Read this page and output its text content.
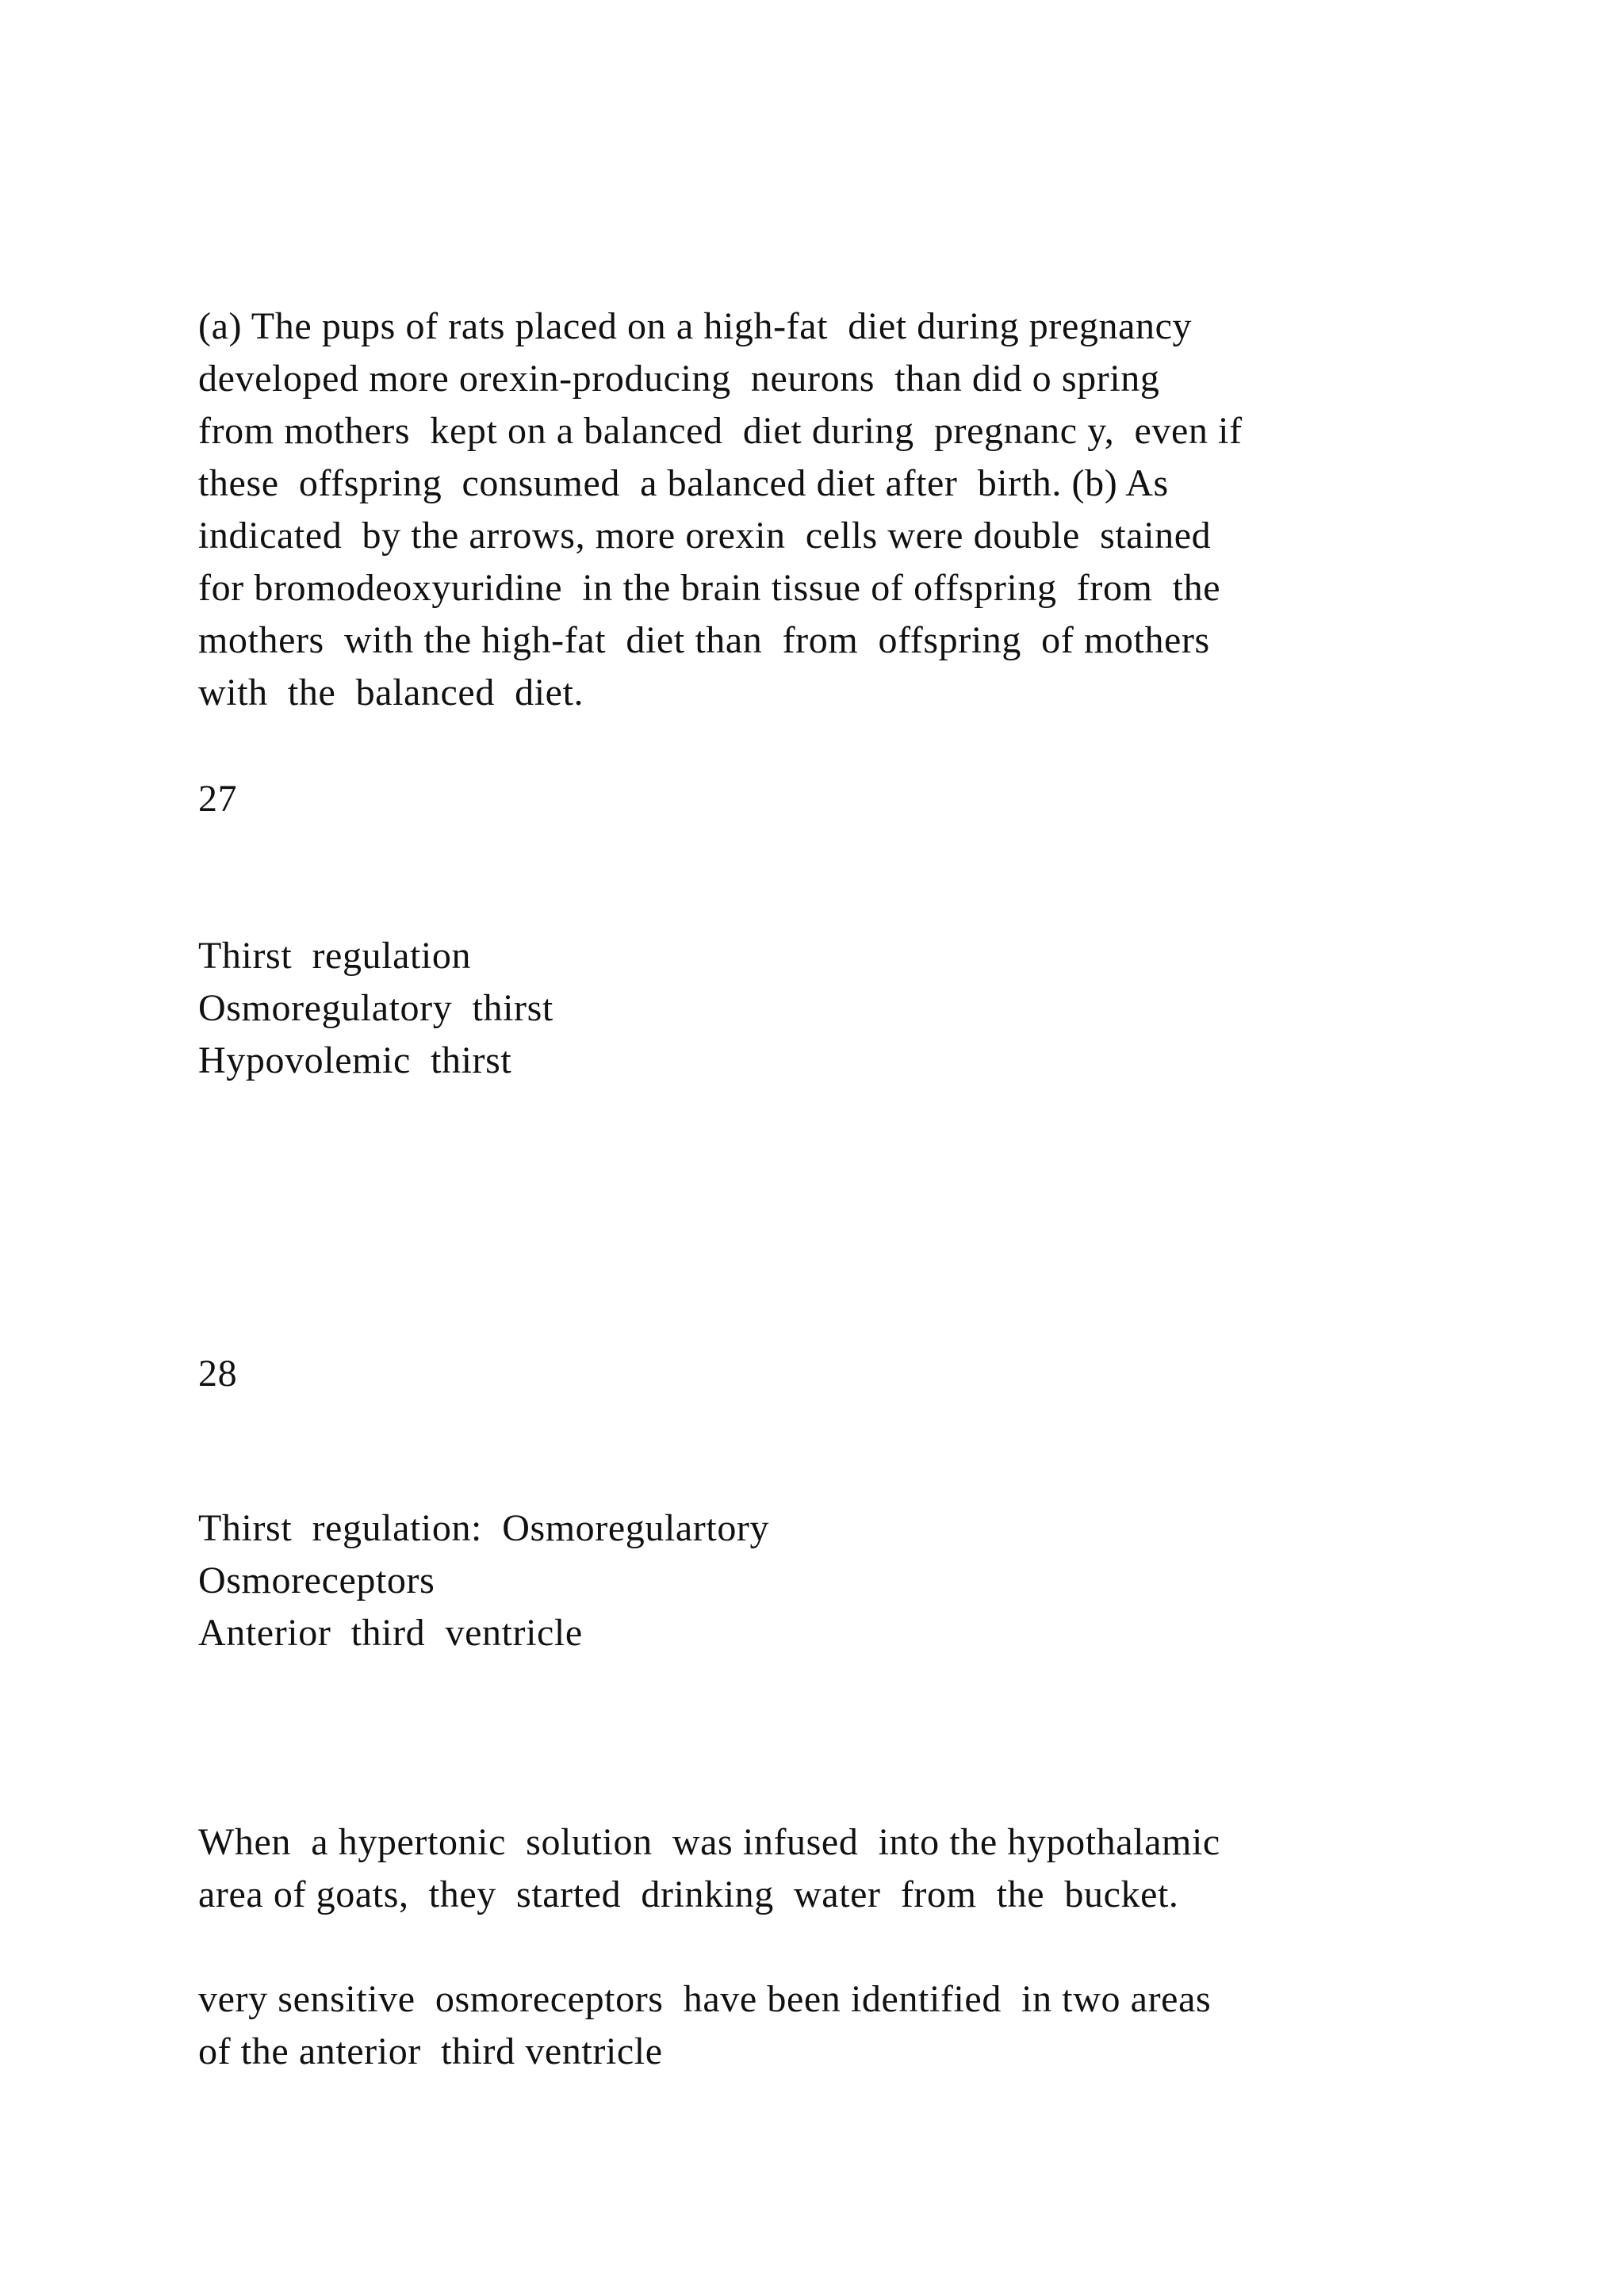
(a) The pups of rats placed on a high-fat  diet during pregnancy

developed more orexin-producing  neurons  than did o spring

from mothers  kept on a balanced  diet during  pregnanc y,  even if

these  offspring  consumed  a balanced diet after  birth. (b) As

indicated  by the arrows, more orexin  cells were double  stained

for bromodeoxyuridine  in the brain tissue of offspring  from  the

mothers  with the high-fat  diet than  from  offspring  of mothers

with  the  balanced  diet.

27

Thirst  regulation

Osmoregulatory  thirst

Hypovolemic  thirst

28

Thirst  regulation:  Osmoregulartory

Osmoreceptors

Anterior  third  ventricle

When  a hypertonic  solution  was infused  into the hypothalamic

area of goats,  they  started  drinking  water  from  the  bucket.

very sensitive  osmoreceptors  have been identified  in two areas

of the anterior  third ventricle
